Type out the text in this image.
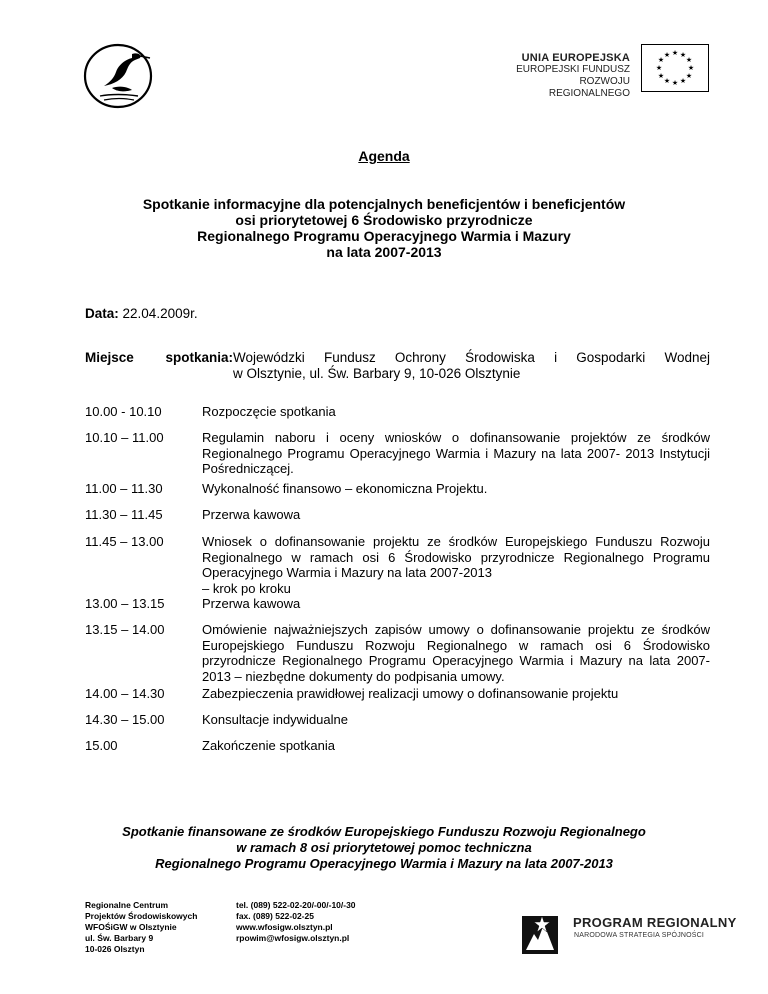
UNIA EUROPEJSKA
EUROPEJSKI FUNDUSZ
ROZWOJU REGIONALNEGO
★ ★
★
★
★
★
★
★
★
★
★
★
Agenda
Spotkanie informacyjne dla potencjalnych beneficjentów i beneficjentów
osi priorytetowej 6 Środowisko przyrodnicze
Regionalnego Programu Operacyjnego Warmia i Mazury
na lata 2007-2013
Data: 22.04.2009r.
Miejsce spotkania: Wojewódzki Fundusz Ochrony Środowiska i Gospodarki Wodnej
w Olsztynie, ul. Św. Barbary 9, 10-026 Olsztynie
10.00 - 10.10	Rozpoczęcie spotkania
10.10 – 11.00	Regulamin naboru i oceny wniosków o dofinansowanie projektów ze środków Regionalnego Programu Operacyjnego Warmia i Mazury na lata 2007- 2013 Instytucji Pośredniczącej.
11.00 – 11.30	Wykonalność finansowo – ekonomiczna Projektu.
11.30 – 11.45	Przerwa kawowa
11.45 – 13.00	Wniosek o dofinansowanie projektu ze środków Europejskiego Funduszu Rozwoju Regionalnego w ramach osi 6 Środowisko przyrodnicze Regionalnego Programu Operacyjnego Warmia i Mazury na lata 2007-2013
– krok po kroku
13.00 – 13.15	Przerwa kawowa
13.15 – 14.00	Omówienie najważniejszych zapisów umowy o dofinansowanie projektu ze środków Europejskiego Funduszu Rozwoju Regionalnego w ramach osi 6 Środowisko przyrodnicze Regionalnego Programu Operacyjnego Warmia i Mazury na lata 2007-2013 – niezbędne dokumenty do podpisania umowy.
14.00 – 14.30	Zabezpieczenia prawidłowej realizacji umowy o dofinansowanie projektu
14.30 – 15.00	Konsultacje indywidualne
15.00	Zakończenie spotkania
Spotkanie finansowane ze środków Europejskiego Funduszu Rozwoju Regionalnego
w ramach 8 osi priorytetowej pomoc techniczna
Regionalnego Programu Operacyjnego Warmia i Mazury na lata 2007-2013
Regionalne Centrum
Projektów Środowiskowych
WFOŚiGW w Olsztynie
ul. Św. Barbary 9
10-026 Olsztyn
tel. (089) 522-02-20/-00/-10/-30
fax. (089) 522-02-25
www.wfosigw.olsztyn.pl
rpowim@wfosigw.olsztyn.pl
PROGRAM REGIONALNY
NARODOWA STRATEGIA SPÓJNOŚCI
